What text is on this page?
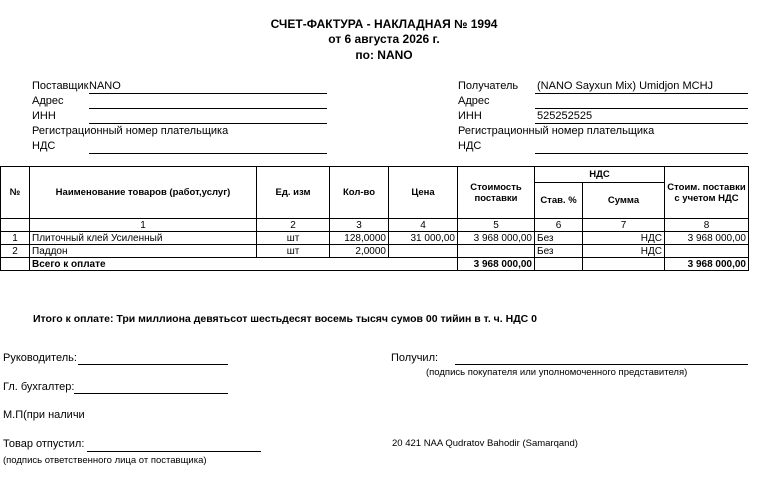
СЧЕТ-ФАКТУРА - НАКЛАДНАЯ № 1994
от 6 августа 2026 г.
по: NANO
Поставщик NANO
Адрес
ИНН
Регистрационный номер плательщика
НДС
Получатель (NANO Sayxun Mix) Umidjon MCHJ
Адрес
ИНН	525252525
Регистрационный номер плательщика
НДС
№	Наименование товаров (работ,услуг)	Ед. изм	Кол-во	Цена	Стоимость поставки	НДС		Стоим. поставки с учетом НДС
						Став. %	Сумма	
	1	2	3	4	5	6	7	8
1	Плиточный клей Усиленный	шт	128,0000	31 000,00	3 968 000,00	Без	НДС	3 968 000,00
2	Паддон	шт	2,0000			Без	НДС	
	Всего к оплате				3 968 000,00			3 968 000,00
Итого к оплате: Три миллиона девятьсот шестьдесят восемь тысяч сумов 00 тийин в т. ч. НДС 0
Руководитель:
Гл. бухгалтер:
М.П(при наличи
Товар отпустил:
(подпись ответственного лица от поставщика)
Получил:
(подпись покупателя или уполномоченного представителя)
20 421 NAA Qudratov Bahodir (Samarqand)
